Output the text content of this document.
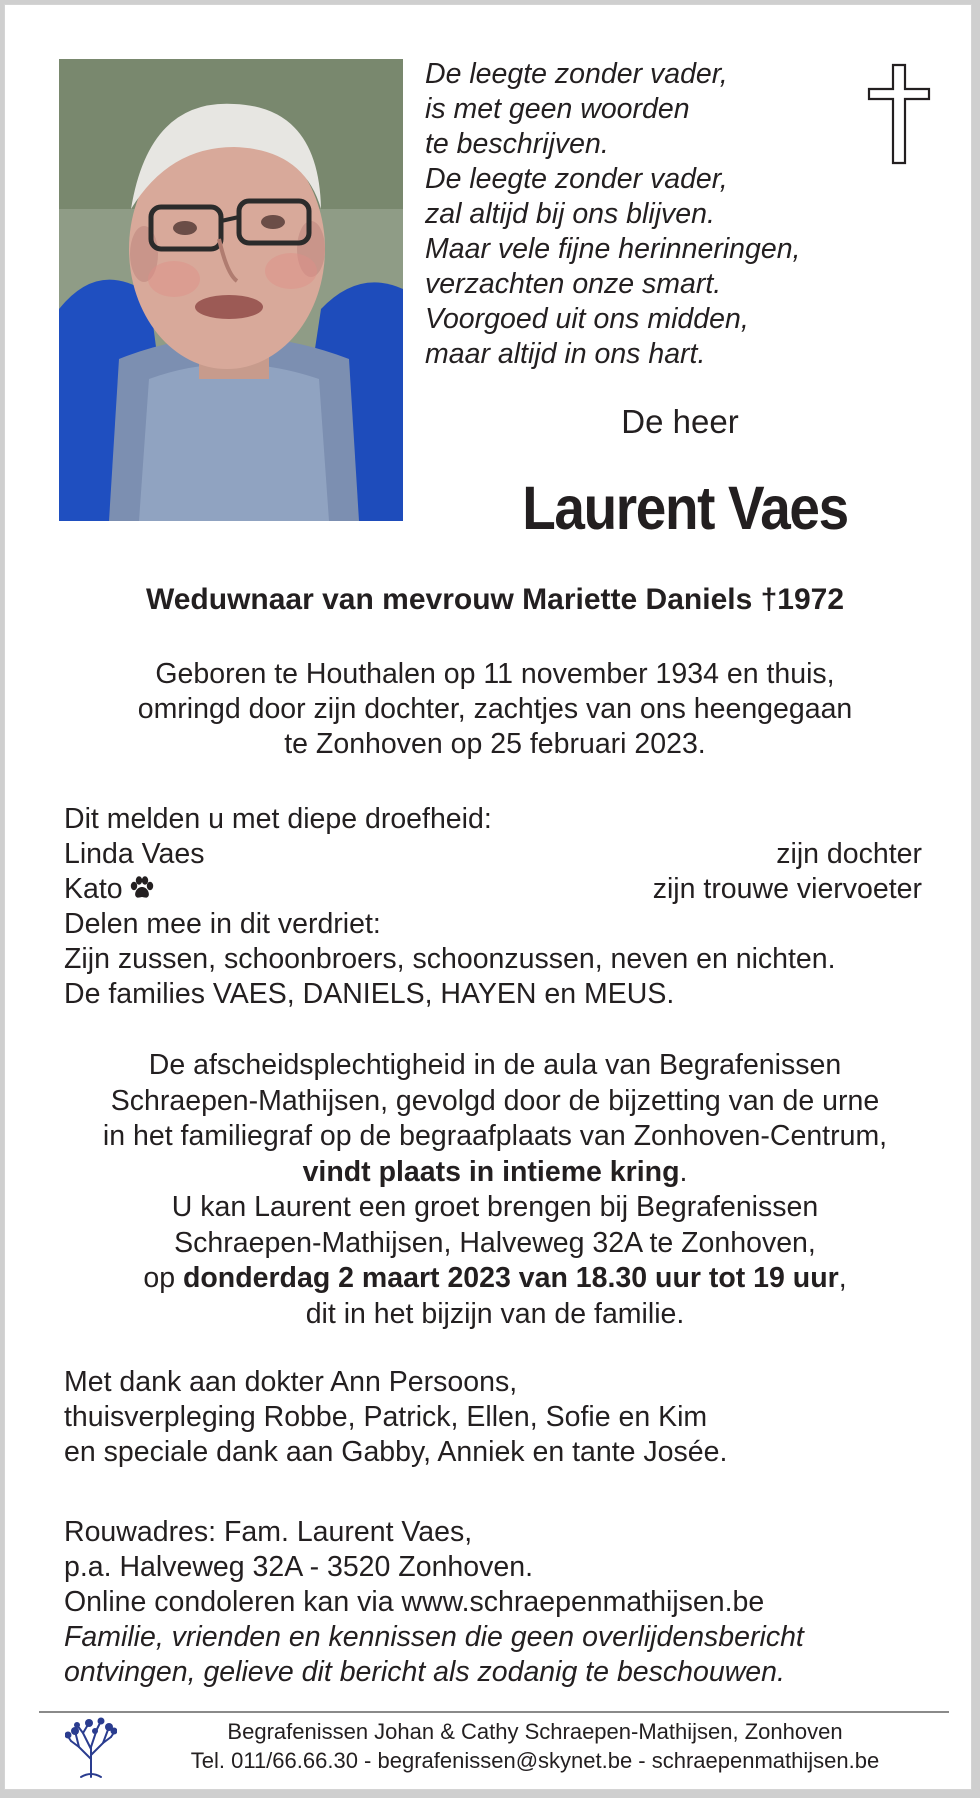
De leegte zonder vader,
is met geen woorden
te beschrijven.
De leegte zonder vader,
zal altijd bij ons blijven.
Maar vele fijne herinneringen,
verzachten onze smart.
Voorgoed uit ons midden,
maar altijd in ons hart.

De heer

Laurent Vaes

Weduwnaar van mevrouw Mariette Daniels †1972

Geboren te Houthalen op 11 november 1934 en thuis,
omringd door zijn dochter, zachtjes van ons heengegaan
te Zonhoven op 25 februari 2023.

Dit melden u met diepe droefheid:
Linda Vaes	zijn dochter
Kato	zijn trouwe viervoeter
Delen mee in dit verdriet:
Zijn zussen, schoonbroers, schoonzussen, neven en nichten.
De families VAES, DANIELS, HAYEN en MEUS.
De afscheidsplechtigheid in de aula van Begrafenissen
Schraepen-Mathijsen, gevolgd door de bijzetting van de urne
in het familiegraf op de begraafplaats van Zonhoven-Centrum,
vindt plaats in intieme kring.
U kan Laurent een groet brengen bij Begrafenissen
Schraepen-Mathijsen, Halveweg 32A te Zonhoven,
op donderdag 2 maart 2023 van 18.30 uur tot 19 uur,
dit in het bijzijn van de familie.
Met dank aan dokter Ann Persoons,
thuisverpleging Robbe, Patrick, Ellen, Sofie en Kim
en speciale dank aan Gabby, Anniek en tante Josée.
Rouwadres: Fam. Laurent Vaes,
p.a. Halveweg 32A - 3520 Zonhoven.
Online condoleren kan via www.schraepenmathijsen.be
Familie, vrienden en kennissen die geen overlijdensbericht
ontvingen, gelieve dit bericht als zodanig te beschouwen.
Begrafenissen Johan & Cathy Schraepen-Mathijsen, Zonhoven
Tel. 011/66.66.30 - begrafenissen@skynet.be - schraepenmathijsen.be
